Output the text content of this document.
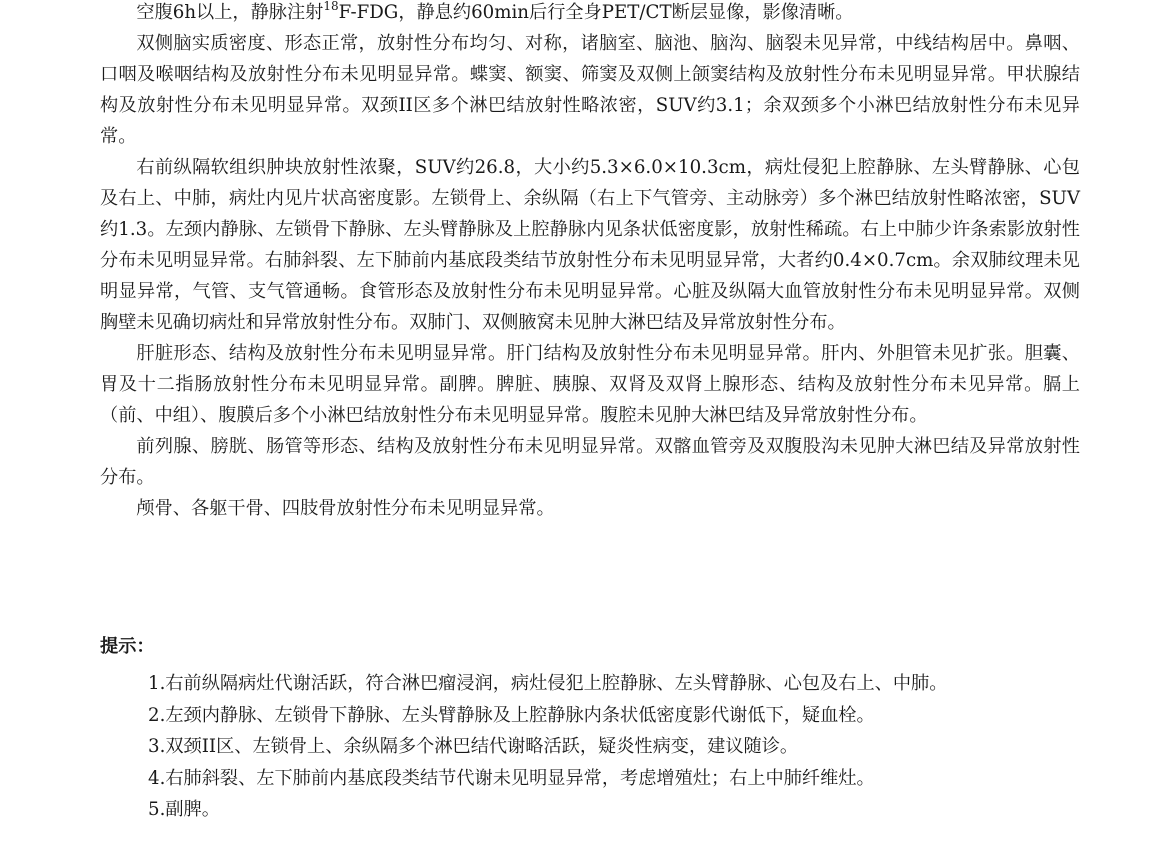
空腹6h以上，静脉注射$^{18}$F-FDG，静息约60min后行全身PET/CT断层显像，影像清晰。

双侧脑实质密度、形态正常，放射性分布均匀、对称，诸脑室、脑池、脑沟、脑裂未见异常，中线结构居中。鼻咽、口咽及喉咽结构及放射性分布未见明显异常。蝶窦、额窦、筛窦及双侧上颌窦结构及放射性分布未见明显异常。甲状腺结构及放射性分布未见明显异常。双颈II区多个淋巴结放射性略浓密，SUV约3.1；余双颈多个小淋巴结放射性分布未见异常。

右前纵隔软组织肿块放射性浓聚，SUV约26.8，大小约5.3×6.0×10.3cm，病灶侵犯上腔静脉、左头臂静脉、心包及右上、中肺，病灶内见片状高密度影。左锁骨上、余纵隔（右上下气管旁、主动脉旁）多个淋巴结放射性略浓密，SUV约1.3。左颈内静脉、左锁骨下静脉、左头臂静脉及上腔静脉内见条状低密度影，放射性稀疏。右上中肺少许条索影放射性分布未见明显异常。右肺斜裂、左下肺前内基底段类结节放射性分布未见明显异常，大者约0.4×0.7cm。余双肺纹理未见明显异常，气管、支气管通畅。食管形态及放射性分布未见明显异常。心脏及纵隔大血管放射性分布未见明显异常。双侧胸壁未见确切病灶和异常放射性分布。双肺门、双侧腋窝未见肿大淋巴结及异常放射性分布。

肝脏形态、结构及放射性分布未见明显异常。肝门结构及放射性分布未见明显异常。肝内、外胆管未见扩张。胆囊、胃及十二指肠放射性分布未见明显异常。副脾。脾脏、胰腺、双肾及双肾上腺形态、结构及放射性分布未见异常。膈上（前、中组）、腹膜后多个小淋巴结放射性分布未见明显异常。腹腔未见肿大淋巴结及异常放射性分布。

前列腺、膀胱、肠管等形态、结构及放射性分布未见明显异常。双髂血管旁及双腹股沟未见肿大淋巴结及异常放射性分布。

颅骨、各躯干骨、四肢骨放射性分布未见明显异常。

提示：
1.右前纵隔病灶代谢活跃，符合淋巴瘤浸润，病灶侵犯上腔静脉、左头臂静脉、心包及右上、中肺。
2.左颈内静脉、左锁骨下静脉、左头臂静脉及上腔静脉内条状低密度影代谢低下，疑血栓。
3.双颈II区、左锁骨上、余纵隔多个淋巴结代谢略活跃，疑炎性病变，建议随诊。
4.右肺斜裂、左下肺前内基底段类结节代谢未见明显异常，考虑增殖灶；右上中肺纤维灶。
5.副脾。
